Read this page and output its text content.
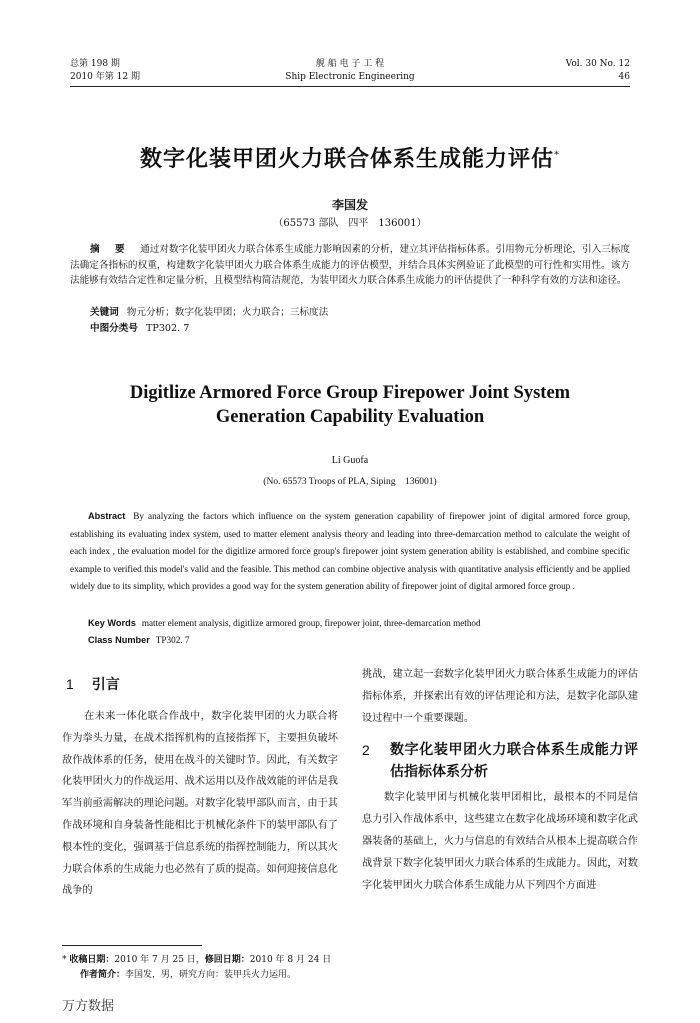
总第 198 期
2010 年第 12 期
舰 船 电 子 工 程
Ship Electronic Engineering
Vol. 30 No. 12
46
数字化装甲团火力联合体系生成能力评估*
李国发
（65573 部队　四平　136001）

摘 要　 通过对数字化装甲团火力联合体系生成能力影响因素的分析，建立其评估指标体系。引用物元分析理论，引入三标度法确定各指标的权重，构建数字化装甲团火力联合体系生成能力的评估模型，并结合具体实例验证了此模型的可行性和实用性。该方法能够有效结合定性和定量分析，且模型结构简洁规范，为装甲团火力联合体系生成能力的评估提供了一种科学有效的方法和途径。

关键词 物元分析；数字化装甲团；火力联合；三标度法

中图分类号 TP302. 7

Digitlize Armored Force Group Firepower Joint System
Generation Capability Evaluation
Li Guofa
(No. 65573 Troops of PLA, Siping　136001)

Abstract By analyzing the factors which influence on the system generation capability of firepower joint of digital armored force group, establishing its evaluating index system, used to matter element analysis theory and leading into three-demarcation method to calculate the weight of each index , the evaluation model for the digitlize armored force group's firepower joint system generation ability is established, and combine specific example to verified this model's valid and the feasible. This method can combine objective analysis with quantitative analysis efficiently and be applied widely due to its simplity, which provides a good way for the system generation ability of firepower joint of digital armored force group .

Key Words matter element analysis, digitlize armored group, firepower joint, three-demarcation method

Class Number TP302. 7

1 引言

在未来一体化联合作战中，数字化装甲团的火力联合将作为拳头力量，在战术指挥机构的直接指挥下，主要担负破坏敌作战体系的任务，使用在战斗的关键时节。因此，有关数字化装甲团火力的作战运用、战术运用以及作战效能的评估是我军当前亟需解决的理论问题。对数字化装甲部队而言，由于其作战环境和自身装备性能相比于机械化条件下的装甲部队有了根本性的变化，强调基于信息系统的指挥控制能力，所以其火力联合体系的生成能力也必然有了质的提高。如何迎接信息化战争的

挑战，建立起一套数字化装甲团火力联合体系生成能力的评估指标体系，并探索出有效的评估理论和方法，是数字化部队建设过程中一个重要课题。

2	数字化装甲团火力联合体系生成能力评估指标体系分析

数字化装甲团与机械化装甲团相比，最根本的不同是信息力引入作战体系中，这些建立在数字化战场环境和数字化武器装备的基础上，火力与信息的有效结合从根本上提高联合作战背景下数字化装甲团火力联合体系的生成能力。因此，对数字化装甲团火力联合体系生成能力从下列四个方面进

* 收稿日期：2010 年 7 月 25 日，修回日期：2010 年 8 月 24 日
作者简介：李国发，男，研究方向：装甲兵火力运用。
万方数据
